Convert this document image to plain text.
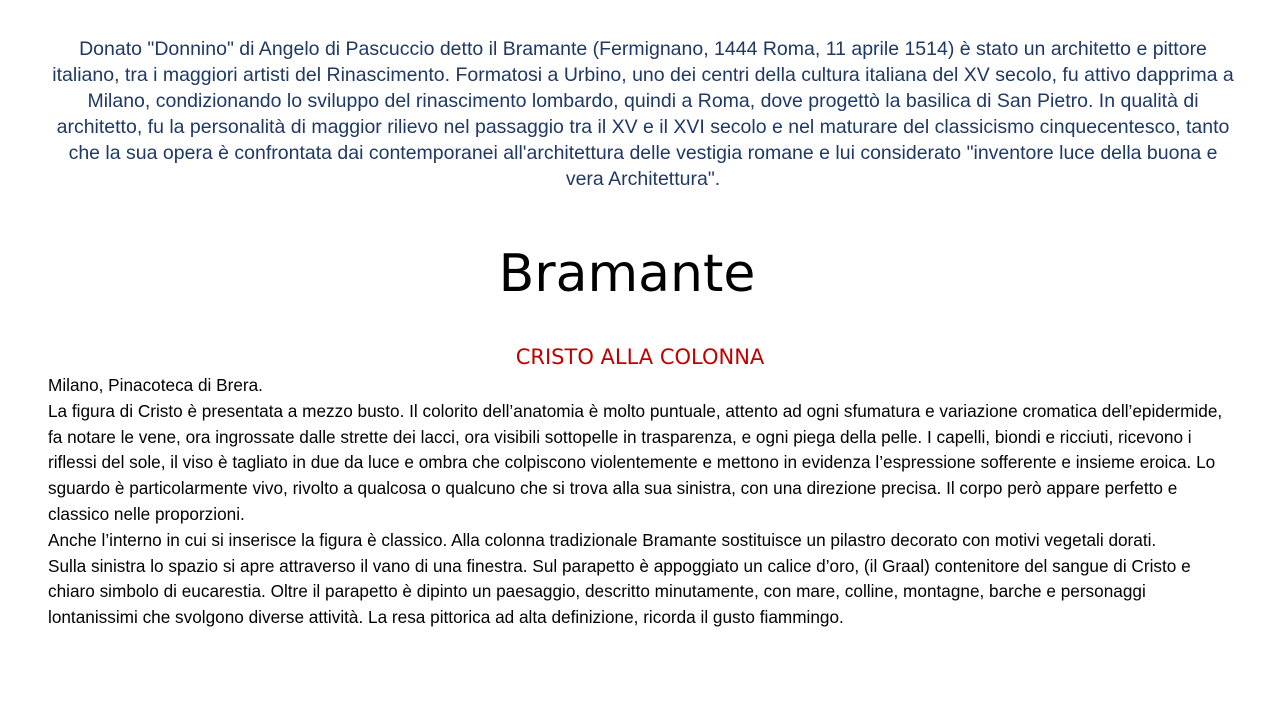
Donato "Donnino" di Angelo di Pascuccio detto il Bramante (Fermignano, 1444 Roma, 11 aprile 1514) è stato un architetto e pittore italiano, tra i maggiori artisti del Rinascimento. Formatosi a Urbino, uno dei centri della cultura italiana del XV secolo, fu attivo dapprima a Milano, condizionando lo sviluppo del rinascimento lombardo, quindi a Roma, dove progettò la basilica di San Pietro. In qualità di architetto, fu la personalità di maggior rilievo nel passaggio tra il XV e il XVI secolo e nel maturare del classicismo cinquecentesco, tanto che la sua opera è confrontata dai contemporanei all'architettura delle vestigia romane e lui considerato "inventore luce della buona e vera Architettura".

Bramante
CRISTO ALLA COLONNA

Milano, Pinacoteca di Brera.

La figura di Cristo è presentata a mezzo busto. Il colorito dell’anatomia è molto puntuale, attento ad ogni sfumatura e variazione cromatica dell’epidermide, fa notare le vene, ora ingrossate dalle strette dei lacci, ora visibili sottopelle in trasparenza, e ogni piega della pelle. I capelli, biondi e ricciuti, ricevono i riflessi del sole, il viso è tagliato in due da luce e ombra che colpiscono violentemente e mettono in evidenza l’espressione sofferente e insieme eroica. Lo sguardo è particolarmente vivo, rivolto a qualcosa o qualcuno che si trova alla sua sinistra, con una direzione precisa. Il corpo però appare perfetto e classico nelle proporzioni.

Anche l’interno in cui si inserisce la figura è classico. Alla colonna tradizionale Bramante sostituisce un pilastro decorato con motivi vegetali dorati.

Sulla sinistra lo spazio si apre attraverso il vano di una finestra. Sul parapetto è appoggiato un calice d’oro, (il Graal) contenitore del sangue di Cristo e chiaro simbolo di eucarestia. Oltre il parapetto è dipinto un paesaggio, descritto minutamente, con mare, colline, montagne, barche e personaggi lontanissimi che svolgono diverse attività. La resa pittorica ad alta definizione, ricorda il gusto fiammingo.
